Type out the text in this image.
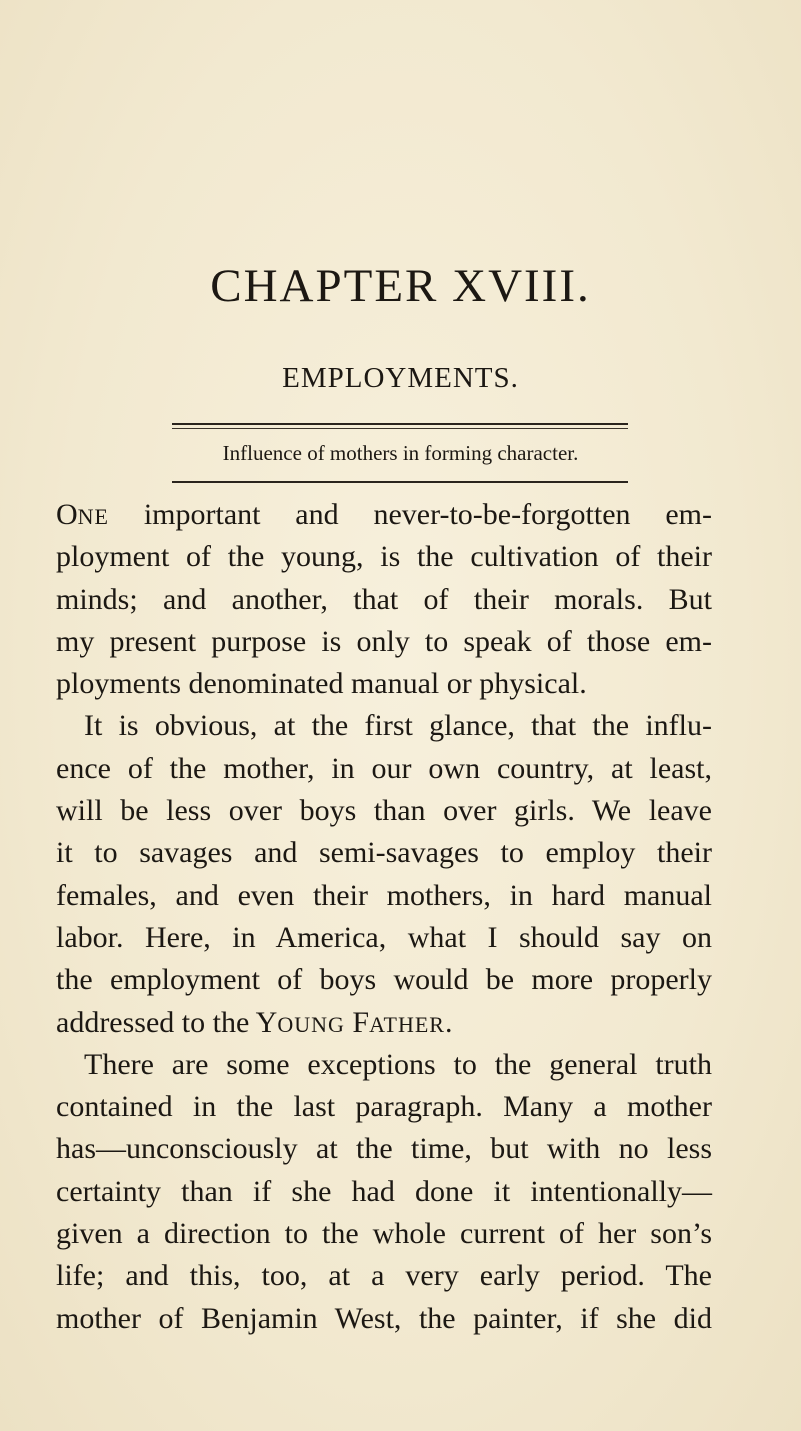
CHAPTER XVIII.
EMPLOYMENTS.
Influence of mothers in forming character.
ONE important and never-to-be-forgotten em-
ployment of the young, is the cultivation of their
minds; and another, that of their morals. But
my present purpose is only to speak of those em-
ployments denominated manual or physical.
It is obvious, at the first glance, that the influ-
ence of the mother, in our own country, at least,
will be less over boys than over girls. We leave
it to savages and semi-savages to employ their
females, and even their mothers, in hard manual
labor. Here, in America, what I should say on
the employment of boys would be more properly
addressed to the YOUNG FATHER.
There are some exceptions to the general truth
contained in the last paragraph. Many a mother
has—unconsciously at the time, but with no less
certainty than if she had done it intentionally—
given a direction to the whole current of her son’s
life; and this, too, at a very early period. The
mother of Benjamin West, the painter, if she did
